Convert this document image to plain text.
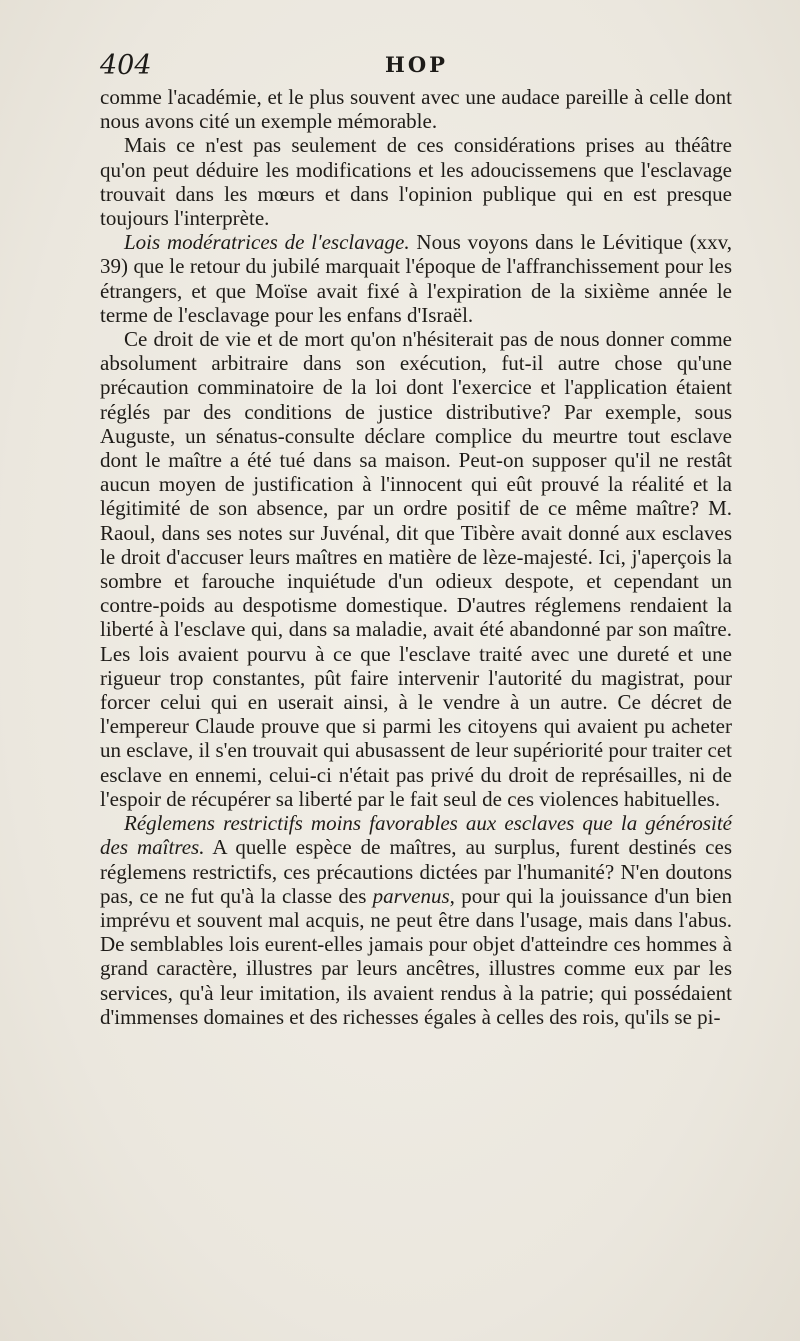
404	HOP

comme l'académie, et le plus souvent avec une audace pareille à celle dont nous avons cité un exemple mémorable.

Mais ce n'est pas seulement de ces considérations prises au théâtre qu'on peut déduire les modifications et les adoucissemens que l'esclavage trouvait dans les mœurs et dans l'opinion publique qui en est presque toujours l'interprète.

Lois modératrices de l'esclavage. Nous voyons dans le Lévitique (xxv, 39) que le retour du jubilé marquait l'époque de l'affranchissement pour les étrangers, et que Moïse avait fixé à l'expiration de la sixième année le terme de l'esclavage pour les enfans d'Israël.

Ce droit de vie et de mort qu'on n'hésiterait pas de nous donner comme absolument arbitraire dans son exécution, fut-il autre chose qu'une précaution comminatoire de la loi dont l'exercice et l'application étaient réglés par des conditions de justice distributive? Par exemple, sous Auguste, un sénatus-consulte déclare complice du meurtre tout esclave dont le maître a été tué dans sa maison. Peut-on supposer qu'il ne restât aucun moyen de justification à l'innocent qui eût prouvé la réalité et la légitimité de son absence, par un ordre positif de ce même maître? M. Raoul, dans ses notes sur Juvénal, dit que Tibère avait donné aux esclaves le droit d'accuser leurs maîtres en matière de lèze-majesté. Ici, j'aperçois la sombre et farouche inquiétude d'un odieux despote, et cependant un contre-poids au despotisme domestique. D'autres réglemens rendaient la liberté à l'esclave qui, dans sa maladie, avait été abandonné par son maître. Les lois avaient pourvu à ce que l'esclave traité avec une dureté et une rigueur trop constantes, pût faire intervenir l'autorité du magistrat, pour forcer celui qui en userait ainsi, à le vendre à un autre. Ce décret de l'empereur Claude prouve que si parmi les citoyens qui avaient pu acheter un esclave, il s'en trouvait qui abusassent de leur supériorité pour traiter cet esclave en ennemi, celui-ci n'était pas privé du droit de représailles, ni de l'espoir de récupérer sa liberté par le fait seul de ces violences habituelles.

Réglemens restrictifs moins favorables aux esclaves que la générosité des maîtres. A quelle espèce de maîtres, au surplus, furent destinés ces réglemens restrictifs, ces précautions dictées par l'humanité? N'en doutons pas, ce ne fut qu'à la classe des parvenus, pour qui la jouissance d'un bien imprévu et souvent mal acquis, ne peut être dans l'usage, mais dans l'abus. De semblables lois eurent-elles jamais pour objet d'atteindre ces hommes à grand caractère, illustres par leurs ancêtres, illustres comme eux par les services, qu'à leur imitation, ils avaient rendus à la patrie; qui possédaient d'immenses domaines et des richesses égales à celles des rois, qu'ils se pi-
